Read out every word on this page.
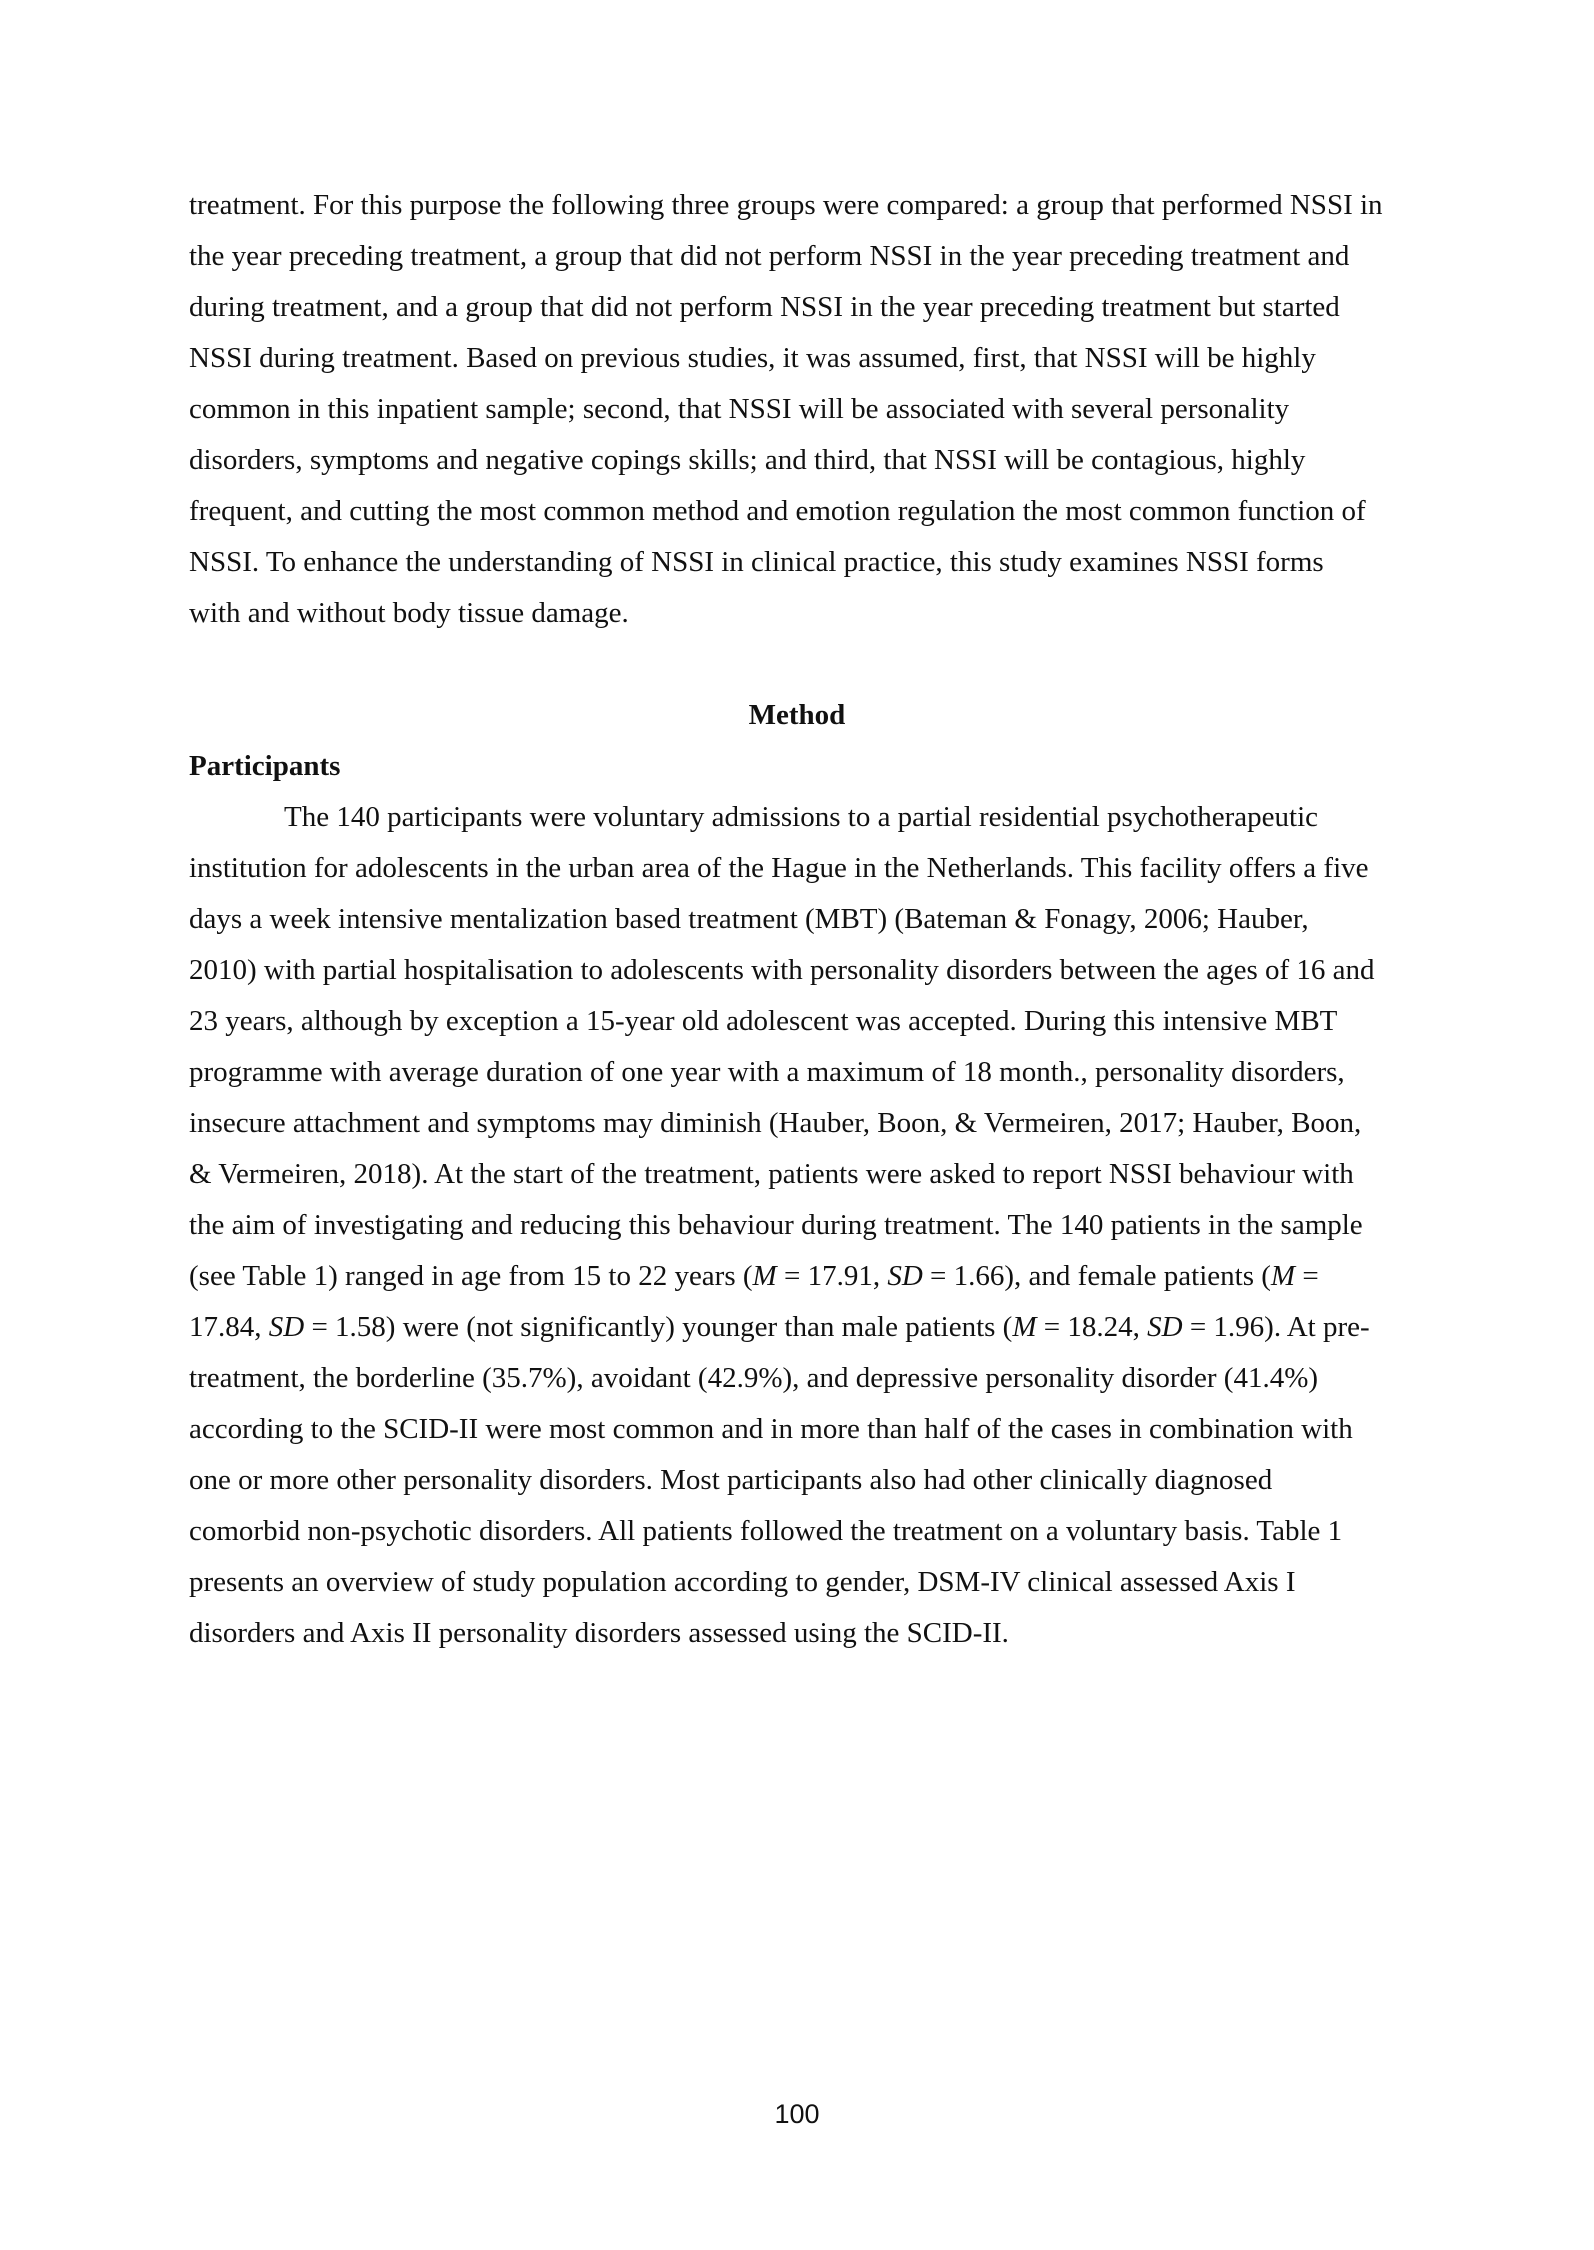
treatment. For this purpose the following three groups were compared: a group that performed NSSI in
the year preceding treatment, a group that did not perform NSSI in the year preceding treatment and
during treatment, and a group that did not perform NSSI in the year preceding treatment but started
NSSI during treatment. Based on previous studies, it was assumed, first, that NSSI will be highly
common in this inpatient sample; second, that NSSI will be associated with several personality
disorders, symptoms and negative copings skills; and third, that NSSI will be contagious, highly
frequent, and cutting the most common method and emotion regulation the most common function of
NSSI. To enhance the understanding of NSSI in clinical practice, this study examines NSSI forms
with and without body tissue damage.

Method
Participants

The 140 participants were voluntary admissions to a partial residential psychotherapeutic
institution for adolescents in the urban area of the Hague in the Netherlands. This facility offers a five
days a week intensive mentalization based treatment (MBT) (Bateman & Fonagy, 2006; Hauber,
2010) with partial hospitalisation to adolescents with personality disorders between the ages of 16 and
23 years, although by exception a 15-year old adolescent was accepted. During this intensive MBT
programme with average duration of one year with a maximum of 18 month., personality disorders,
insecure attachment and symptoms may diminish (Hauber, Boon, & Vermeiren, 2017; Hauber, Boon,
& Vermeiren, 2018). At the start of the treatment, patients were asked to report NSSI behaviour with
the aim of investigating and reducing this behaviour during treatment. The 140 patients in the sample
(see Table 1) ranged in age from 15 to 22 years (M = 17.91, SD = 1.66), and female patients (M =
17.84, SD = 1.58) were (not significantly) younger than male patients (M = 18.24, SD = 1.96). At pre-
treatment, the borderline (35.7%), avoidant (42.9%), and depressive personality disorder (41.4%)
according to the SCID-II were most common and in more than half of the cases in combination with
one or more other personality disorders. Most participants also had other clinically diagnosed
comorbid non-psychotic disorders. All patients followed the treatment on a voluntary basis. Table 1
presents an overview of study population according to gender, DSM-IV clinical assessed Axis I
disorders and Axis II personality disorders assessed using the SCID-II.

100
